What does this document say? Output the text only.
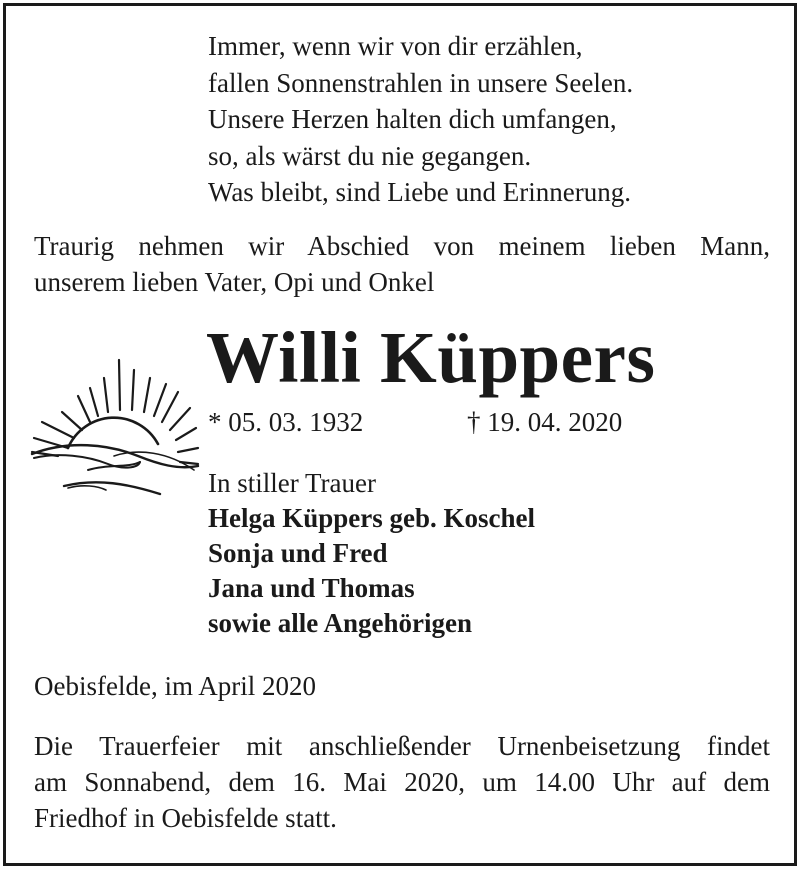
Immer, wenn wir von dir erzählen,
fallen Sonnenstrahlen in unsere Seelen.
Unsere Herzen halten dich umfangen,
so, als wärst du nie gegangen.
Was bleibt, sind Liebe und Erinnerung.
Traurig nehmen wir Abschied von meinem lieben Mann,
unserem lieben Vater, Opi und Onkel
Willi Küppers
* 05. 03. 1932	† 19. 04. 2020
In stiller Trauer
Helga Küppers geb. Koschel
Sonja und Fred
Jana und Thomas
sowie alle Angehörigen
Oebisfelde, im April 2020
Die Trauerfeier mit anschließender Urnenbeisetzung findet
am Sonnabend, dem 16. Mai 2020, um 14.00 Uhr auf dem
Friedhof in Oebisfelde statt.
